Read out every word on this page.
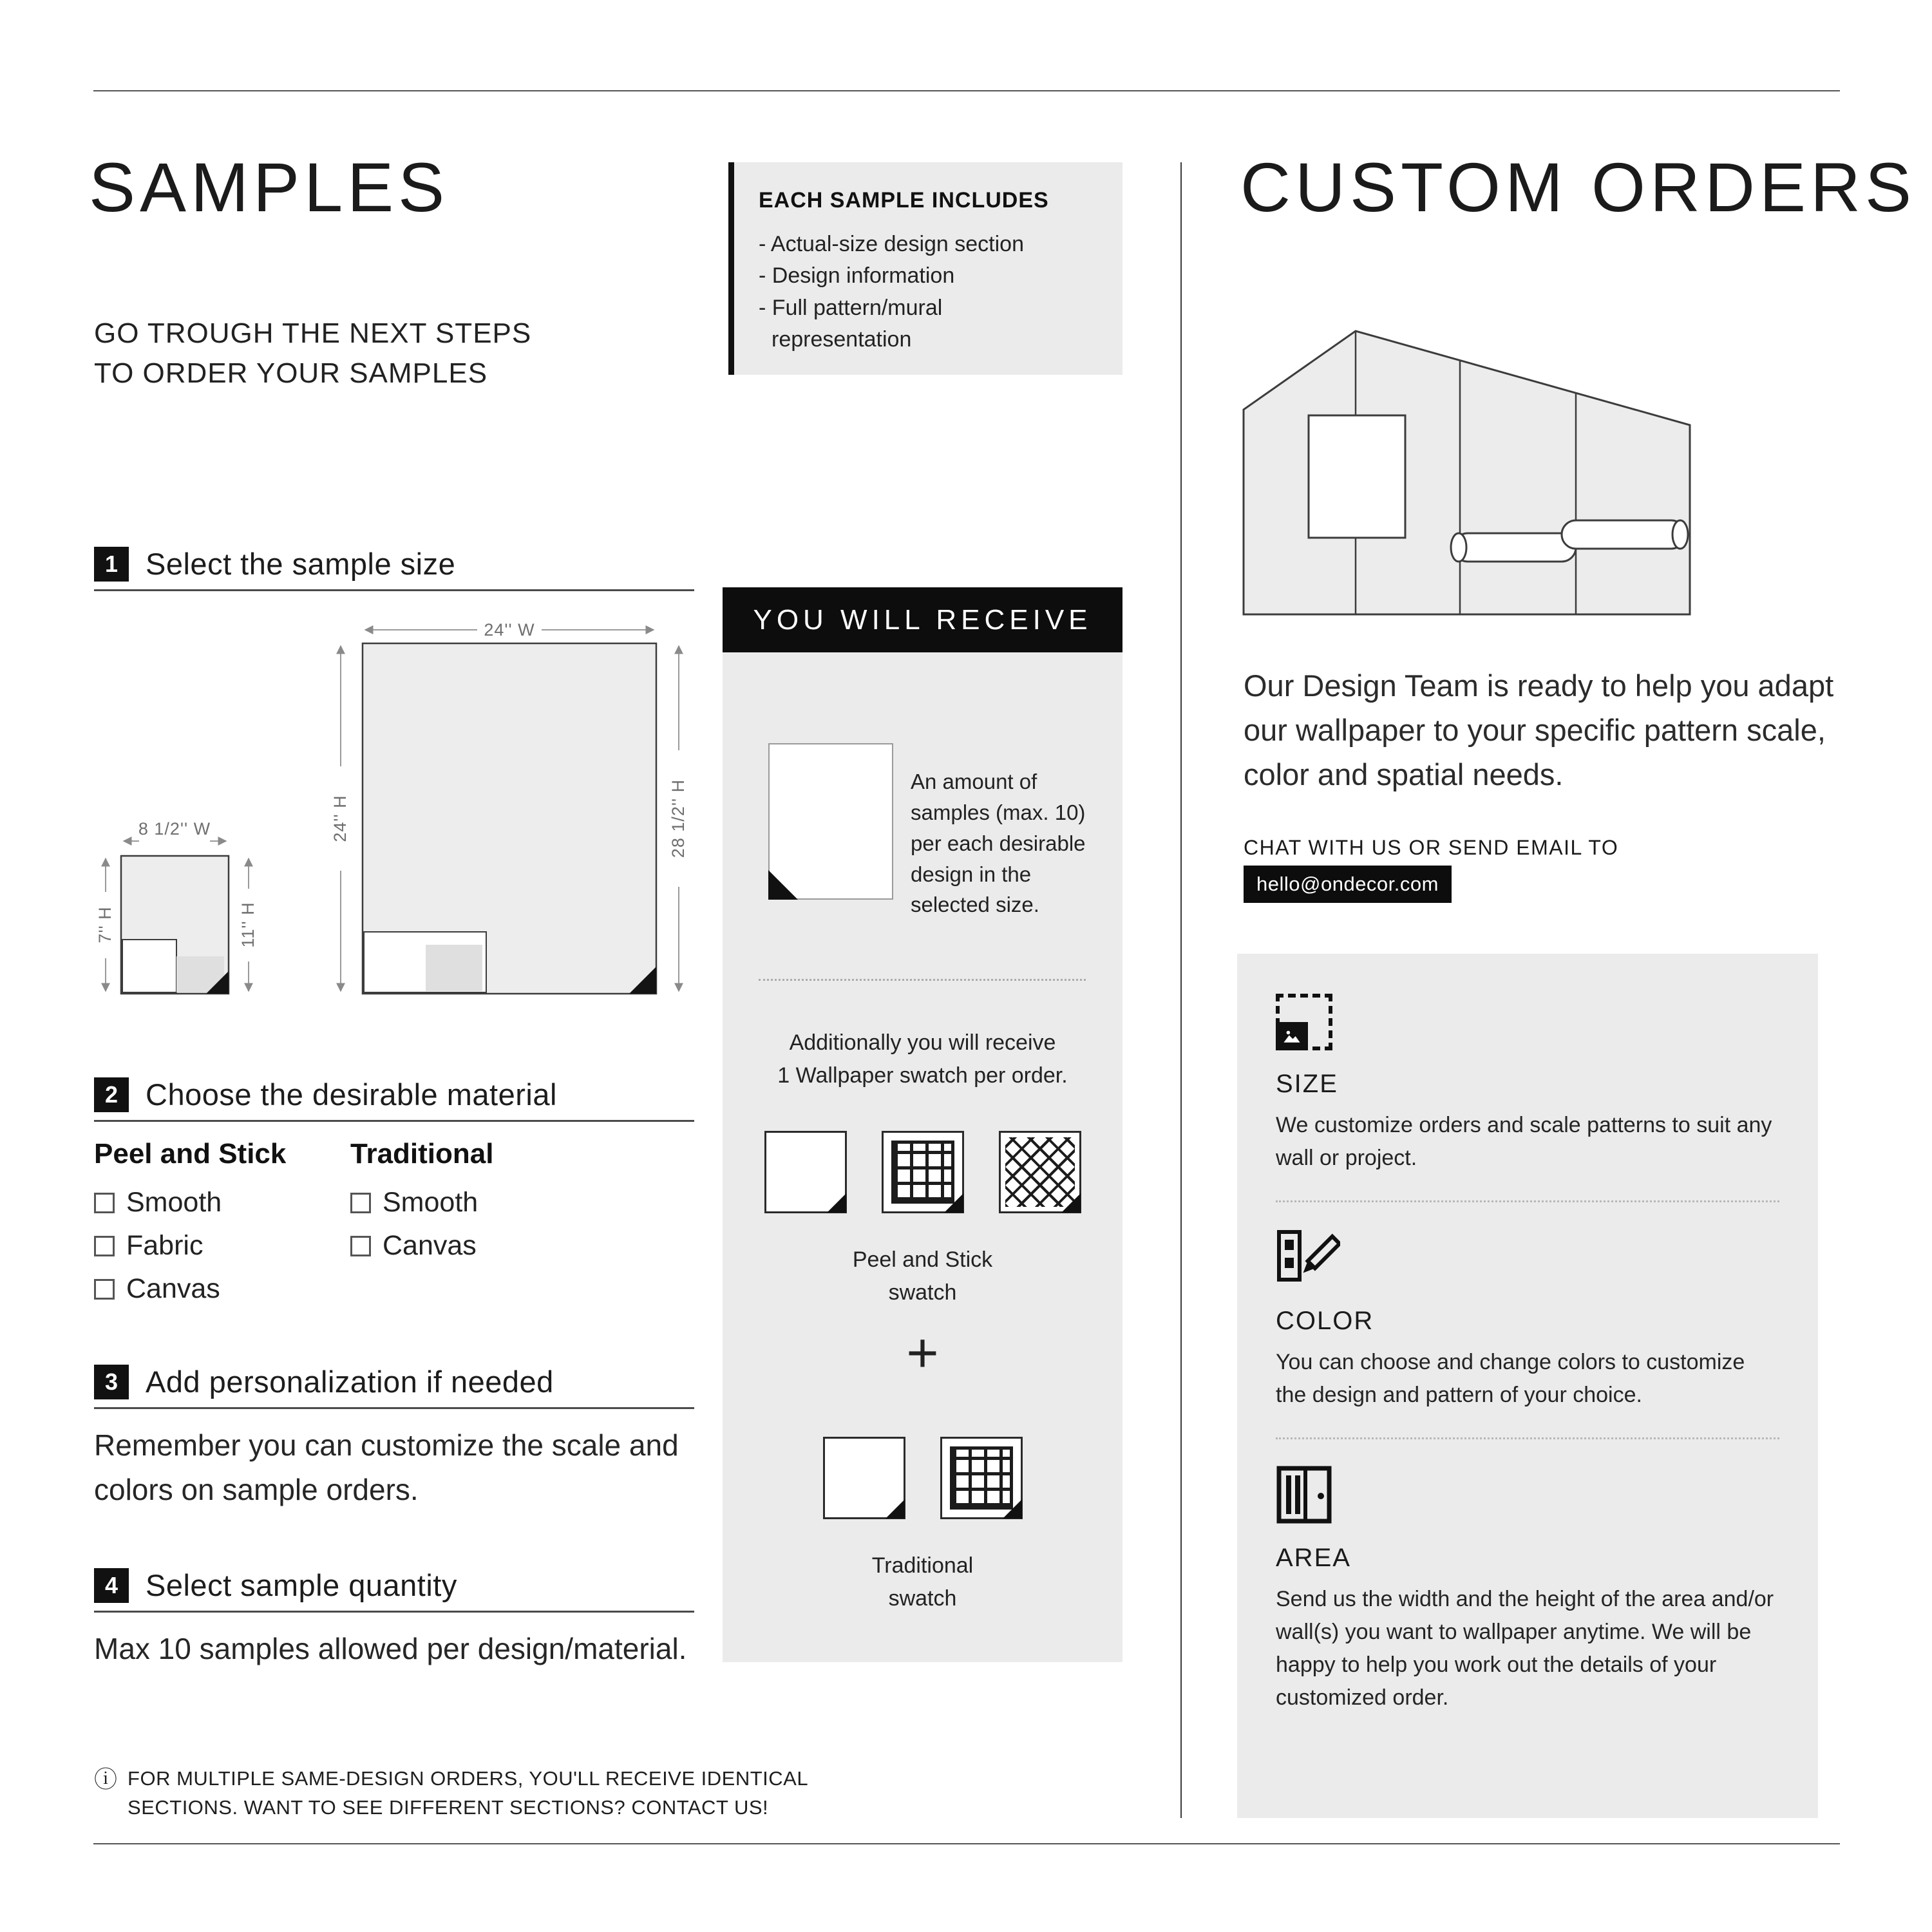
SAMPLES
GO TROUGH THE NEXT STEPS
TO ORDER YOUR SAMPLES
EACH SAMPLE INCLUDES
- Actual-size design section
- Design information
- Full pattern/mural
representation
1 Select the sample size
2 Choose the desirable material
3 Add personalization if needed
4 Select sample quantity
24'' W
24'' H	28 1/2'' H
8 1/2'' W
7'' H	11'' H
Peel and Stick
Smooth
Fabric
Canvas
Traditional
Smooth
Canvas

Remember you can customize the scale and colors on sample orders.

Max 10 samples allowed per design/material.

ⓘ FOR MULTIPLE SAME-DESIGN ORDERS, YOU'LL RECEIVE IDENTICAL
SECTIONS. WANT TO SEE DIFFERENT SECTIONS? CONTACT US!
YOU WILL RECEIVE
An amount of samples (max. 10) per each desirable design in the selected size.
Additionally you will receive
1 Wallpaper swatch per order.
Peel and Stick
swatch
+
Traditional
swatch
CUSTOM ORDERS

Our Design Team is ready to help you adapt our wallpaper to your specific pattern scale, color and spatial needs.

CHAT WITH US OR SEND EMAIL TO
hello@ondecor.com
SIZE
We customize orders and scale patterns to suit any wall or project.
COLOR
You can choose and change colors to customize the design and pattern of your choice.
AREA
Send us the width and the height of the area and/or wall(s) you want to wallpaper anytime. We will be happy to help you work out the details of your customized order.
